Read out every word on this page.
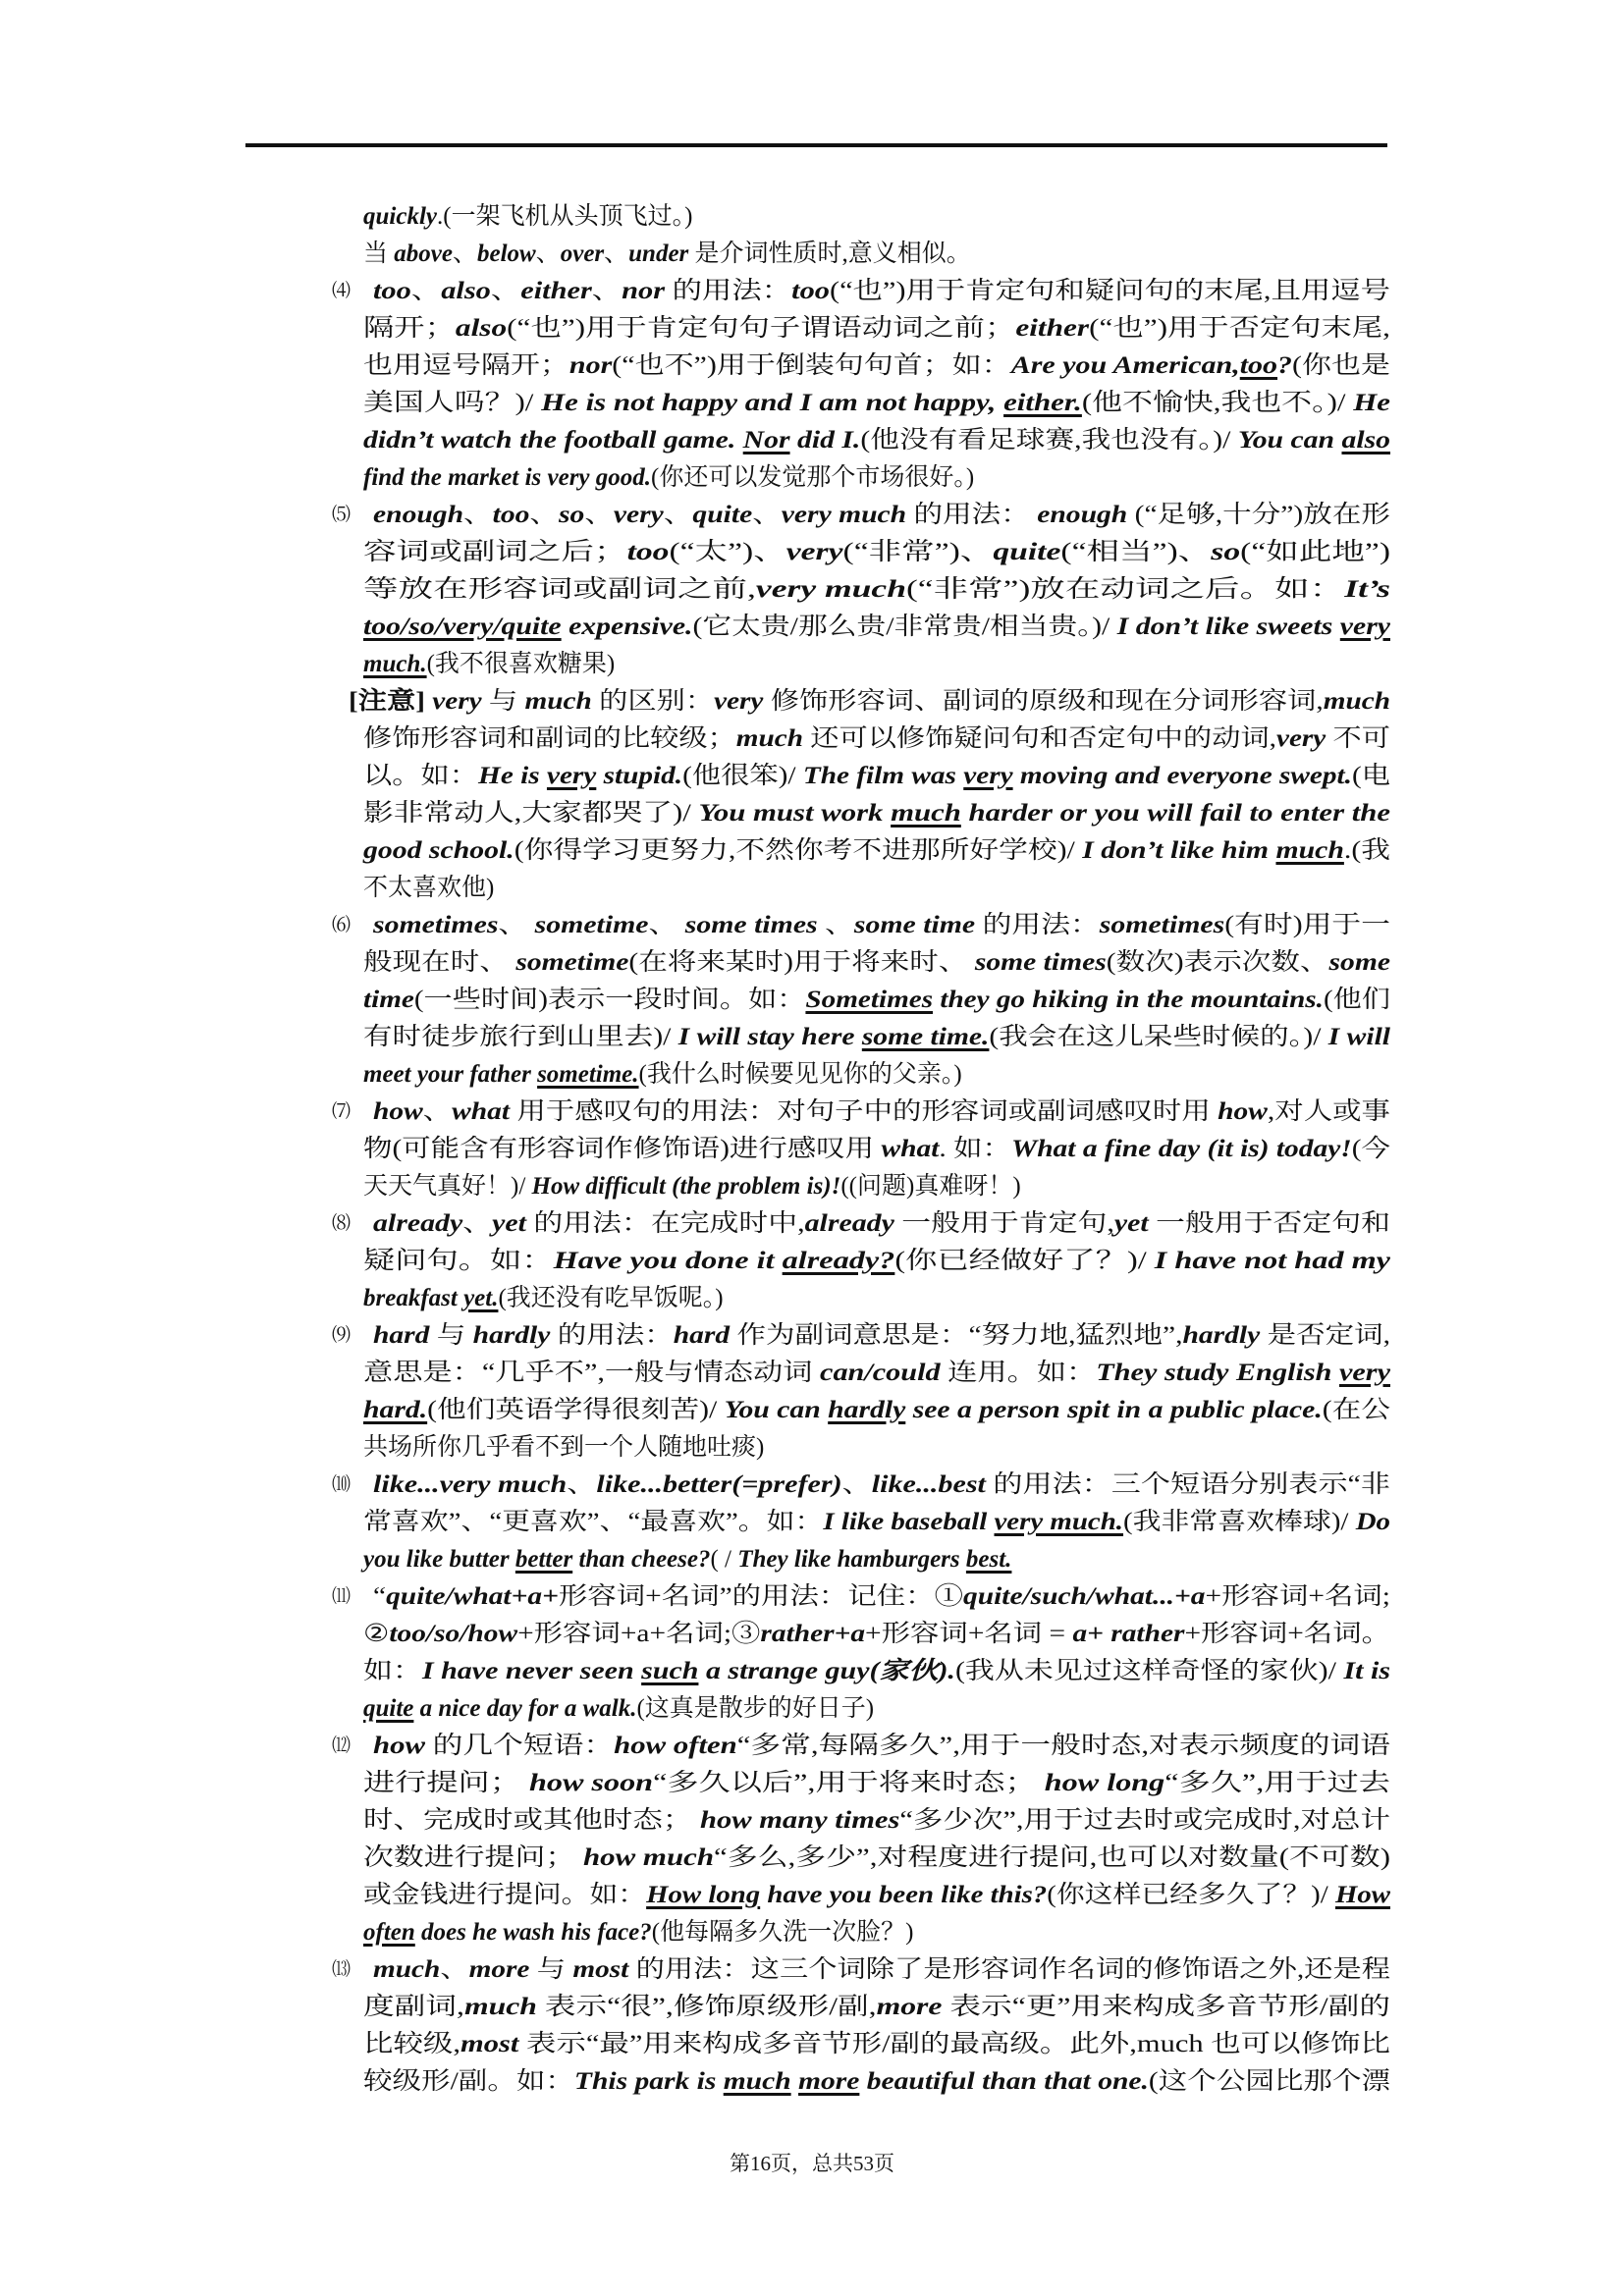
quickly.(一架飞机从头顶飞过。)
当 above、below、over、under 是介词性质时,意义相似。
⑷ too、also、either、nor 的用法：too(“也”)用于肯定句和疑问句的末尾,且用逗号
隔开；also(“也”)用于肯定句句子谓语动词之前；either(“也”)用于否定句末尾,
也用逗号隔开；nor(“也不”)用于倒装句句首；如：Are you American,too?(你也是
美国人吗？)/ He is not happy and I am not happy, either.(他不愉快,我也不。)/ He
didn’t watch the football game. Nor did I.(他没有看足球赛,我也没有。)/ You can also
find the market is very good.(你还可以发觉那个市场很好。)
⑸ enough、too、so、very、quite、very much 的用法： enough (“足够,十分”)放在形
容词或副词之后；too(“太”)、very(“非常”)、quite(“相当”)、so(“如此地”)
等放在形容词或副词之前,very much(“非常”)放在动词之后。如：It’s
too/so/very/quite expensive.(它太贵/那么贵/非常贵/相当贵。)/ I don’t like sweets very
much.(我不很喜欢糖果)
[注意] very 与 much 的区别：very 修饰形容词、副词的原级和现在分词形容词,much
修饰形容词和副词的比较级；much 还可以修饰疑问句和否定句中的动词,very 不可
以。如：He is very stupid.(他很笨)/ The film was very moving and everyone swept.(电
影非常动人,大家都哭了)/ You must work much harder or you will fail to enter the
good school.(你得学习更努力,不然你考不进那所好学校)/ I don’t like him much.(我
不太喜欢他)
⑹ sometimes、 sometime、 some times 、some time 的用法：sometimes(有时)用于一
般现在时、 sometime(在将来某时)用于将来时、 some times(数次)表示次数、some
time(一些时间)表示一段时间。如：Sometimes they go hiking in the mountains.(他们
有时徒步旅行到山里去)/ I will stay here some time.(我会在这儿呆些时候的。)/ I will
meet your father sometime.(我什么时候要见见你的父亲。)
⑺ how、what 用于感叹句的用法：对句子中的形容词或副词感叹时用 how,对人或事
物(可能含有形容词作修饰语)进行感叹用 what. 如：What a fine day (it is) today!(今
天天气真好！)/ How difficult (the problem is)!((问题)真难呀！)
⑻ already、yet 的用法：在完成时中,already 一般用于肯定句,yet 一般用于否定句和
疑问句。如：Have you done it already?(你已经做好了？)/ I have not had my
breakfast yet.(我还没有吃早饭呢。)
⑼ hard 与 hardly 的用法：hard 作为副词意思是：“努力地,猛烈地”,hardly 是否定词,
意思是：“几乎不”,一般与情态动词 can/could 连用。如：They study English very
hard.(他们英语学得很刻苦)/ You can hardly see a person spit in a public place.(在公
共场所你几乎看不到一个人随地吐痰)
⑽ like...very much、like...better(=prefer)、like...best 的用法：三个短语分别表示“非
常喜欢”、“更喜欢”、“最喜欢”。如：I like baseball very much.(我非常喜欢棒球)/ Do
you like butter better than cheese?( / They like hamburgers best.
⑾ “quite/what+a+形容词+名词”的用法：记住：①quite/such/what...+a+形容词+名词;
②too/so/how+形容词+a+名词;③rather+a+形容词+名词 = a+ rather+形容词+名词。
如：I have never seen such a strange guy(家伙).(我从未见过这样奇怪的家伙)/ It is
quite a nice day for a walk.(这真是散步的好日子)
⑿ how 的几个短语：how often“多常,每隔多久”,用于一般时态,对表示频度的词语
进行提问； how soon“多久以后”,用于将来时态； how long“多久”,用于过去
时、完成时或其他时态； how many times“多少次”,用于过去时或完成时,对总计
次数进行提问； how much“多么,多少”,对程度进行提问,也可以对数量(不可数)
或金钱进行提问。如：How long have you been like this?(你这样已经多久了？)/ How
often does he wash his face?(他每隔多久洗一次脸？)
⒀ much、more 与 most 的用法：这三个词除了是形容词作名词的修饰语之外,还是程
度副词,much 表示“很”,修饰原级形/副,more 表示“更”用来构成多音节形/副的
比较级,most 表示“最”用来构成多音节形/副的最高级。此外,much 也可以修饰比
较级形/副。如：This park is much more beautiful than that one.(这个公园比那个漂
第16页，总共53页
